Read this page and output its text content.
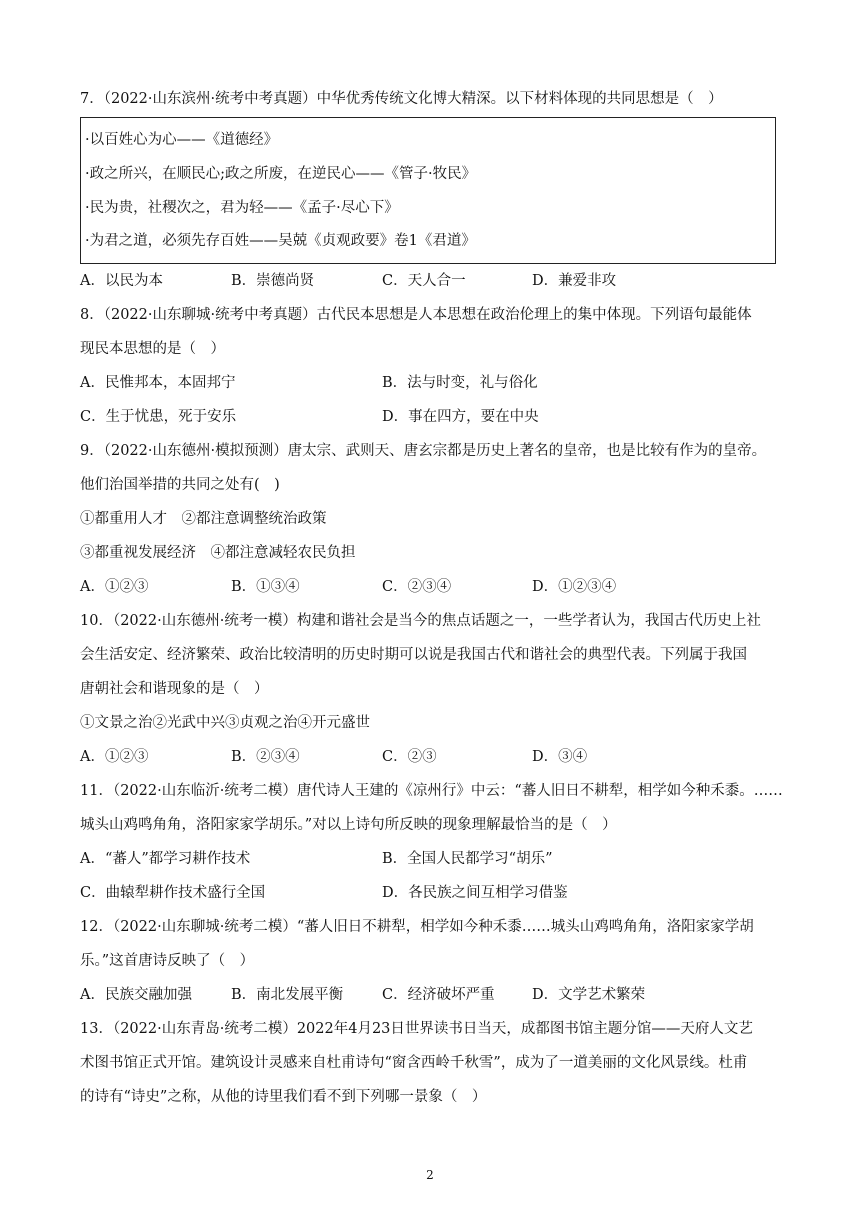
7．（2022·山东滨州·统考中考真题）中华优秀传统文化博大精深。以下材料体现的共同思想是（　）
·以百姓心为心——《道德经》
·政之所兴，在顺民心;政之所废，在逆民心——《管子·牧民》
·民为贵，社稷次之，君为轻——《孟子·尽心下》
·为君之道，必须先存百姓——吴兢《贞观政要》卷1《君道》
A．以民为本	B．崇德尚贤	C．天人合一	D．兼爱非攻
8．（2022·山东聊城·统考中考真题）古代民本思想是人本思想在政治伦理上的集中体现。下列语句最能体
现民本思想的是（　）
A．民惟邦本，本固邦宁	B．法与时变，礼与俗化
C．生于忧患，死于安乐	D．事在四方，要在中央
9．（2022·山东德州·模拟预测）唐太宗、武则天、唐玄宗都是历史上著名的皇帝，也是比较有作为的皇帝。
他们治国举措的共同之处有(　)
①都重用人才　②都注意调整统治政策
③都重视发展经济　④都注意减轻农民负担
A．①②③	B．①③④	C．②③④	D．①②③④
10．（2022·山东德州·统考一模）构建和谐社会是当今的焦点话题之一，一些学者认为，我国古代历史上社
会生活安定、经济繁荣、政治比较清明的历史时期可以说是我国古代和谐社会的典型代表。下列属于我国
唐朝社会和谐现象的是（　）
①文景之治②光武中兴③贞观之治④开元盛世
A．①②③	B．②③④	C．②③	D．③④
11．（2022·山东临沂·统考二模）唐代诗人王建的《凉州行》中云：“蕃人旧日不耕犁，相学如今种禾黍。……
城头山鸡鸣角角，洛阳家家学胡乐。”对以上诗句所反映的现象理解最恰当的是（　）
A．“蕃人”都学习耕作技术	B．全国人民都学习“胡乐”
C．曲辕犁耕作技术盛行全国	D．各民族之间互相学习借鉴
12．（2022·山东聊城·统考二模）“蕃人旧日不耕犁，相学如今种禾黍……城头山鸡鸣角角，洛阳家家学胡
乐。”这首唐诗反映了（　）
A．民族交融加强	B．南北发展平衡	C．经济破坏严重	D．文学艺术繁荣
13．（2022·山东青岛·统考二模）2022年4月23日世界读书日当天，成都图书馆主题分馆——天府人文艺
术图书馆正式开馆。建筑设计灵感来自杜甫诗句“窗含西岭千秋雪”，成为了一道美丽的文化风景线。杜甫
的诗有“诗史”之称，从他的诗里我们看不到下列哪一景象（　）
2
